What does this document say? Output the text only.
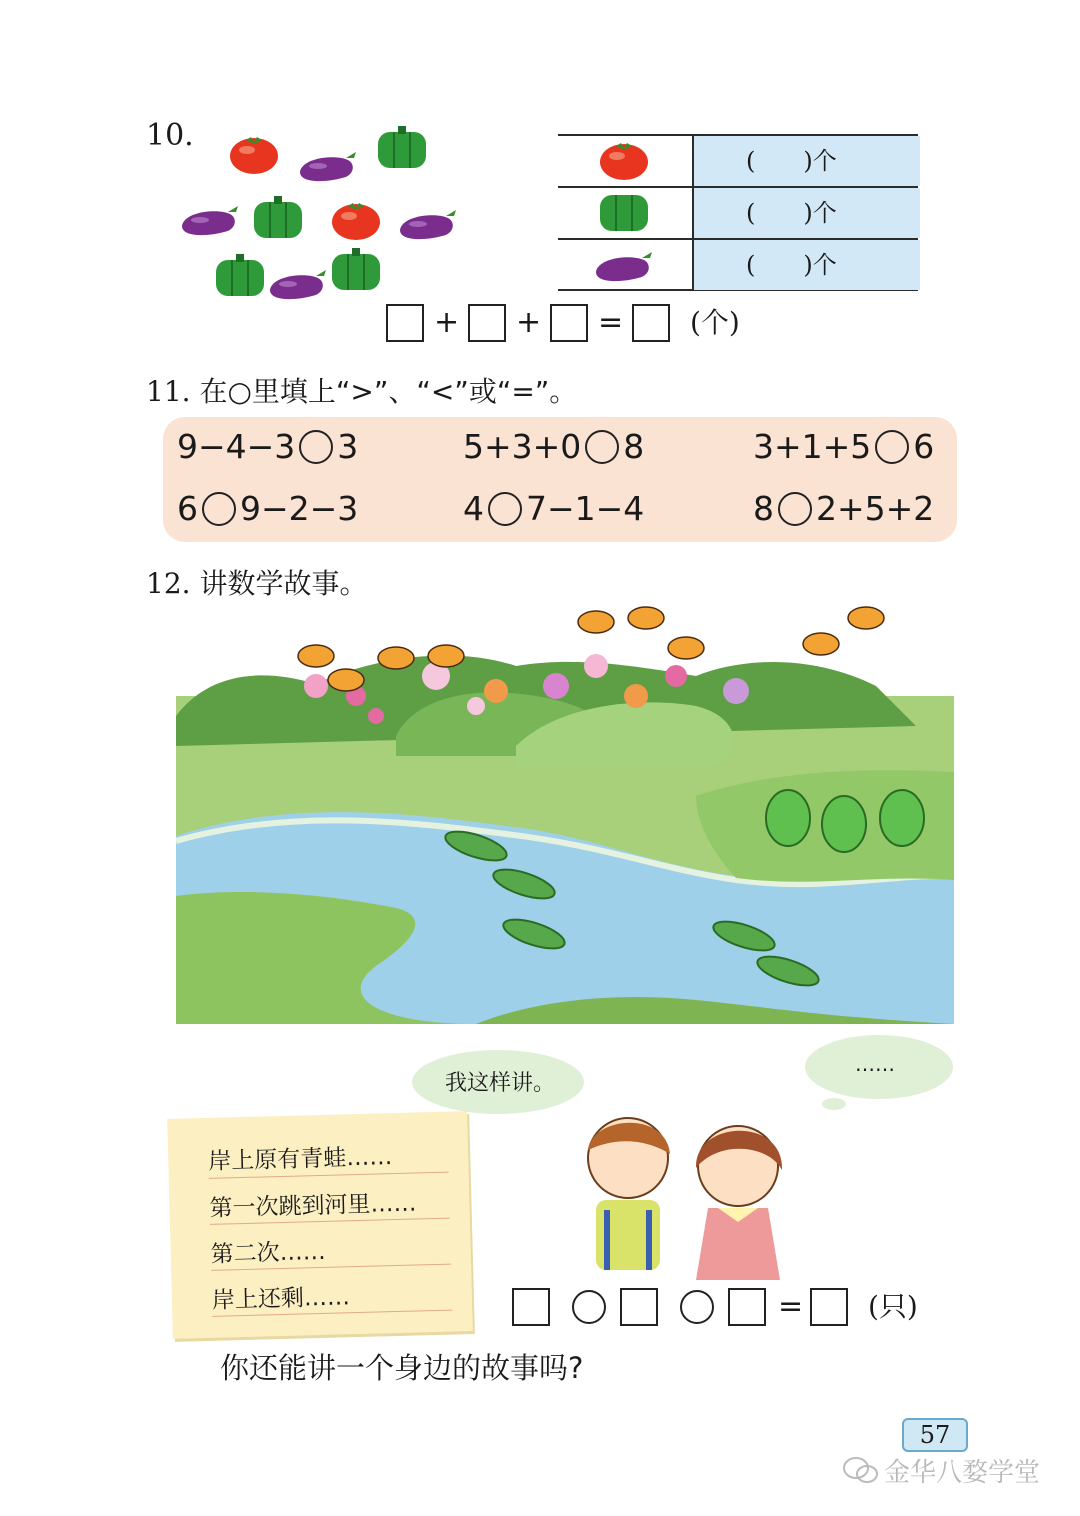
10.
(　　)个
(　　)个
(　　)个
+ + = (个)
11. 在○里填上“>”、“<”或“=”。
9−4−3 3	5+3+0 8	3+1+5 6
6 9−2−3	4 7−1−4	8 2+5+2
12. 讲数学故事。
我这样讲。
……
岸上原有青蛙……
第一次跳到河里……
第二次……
岸上还剩……	= (只)
你还能讲一个身边的故事吗?
57
金华八婺学堂
